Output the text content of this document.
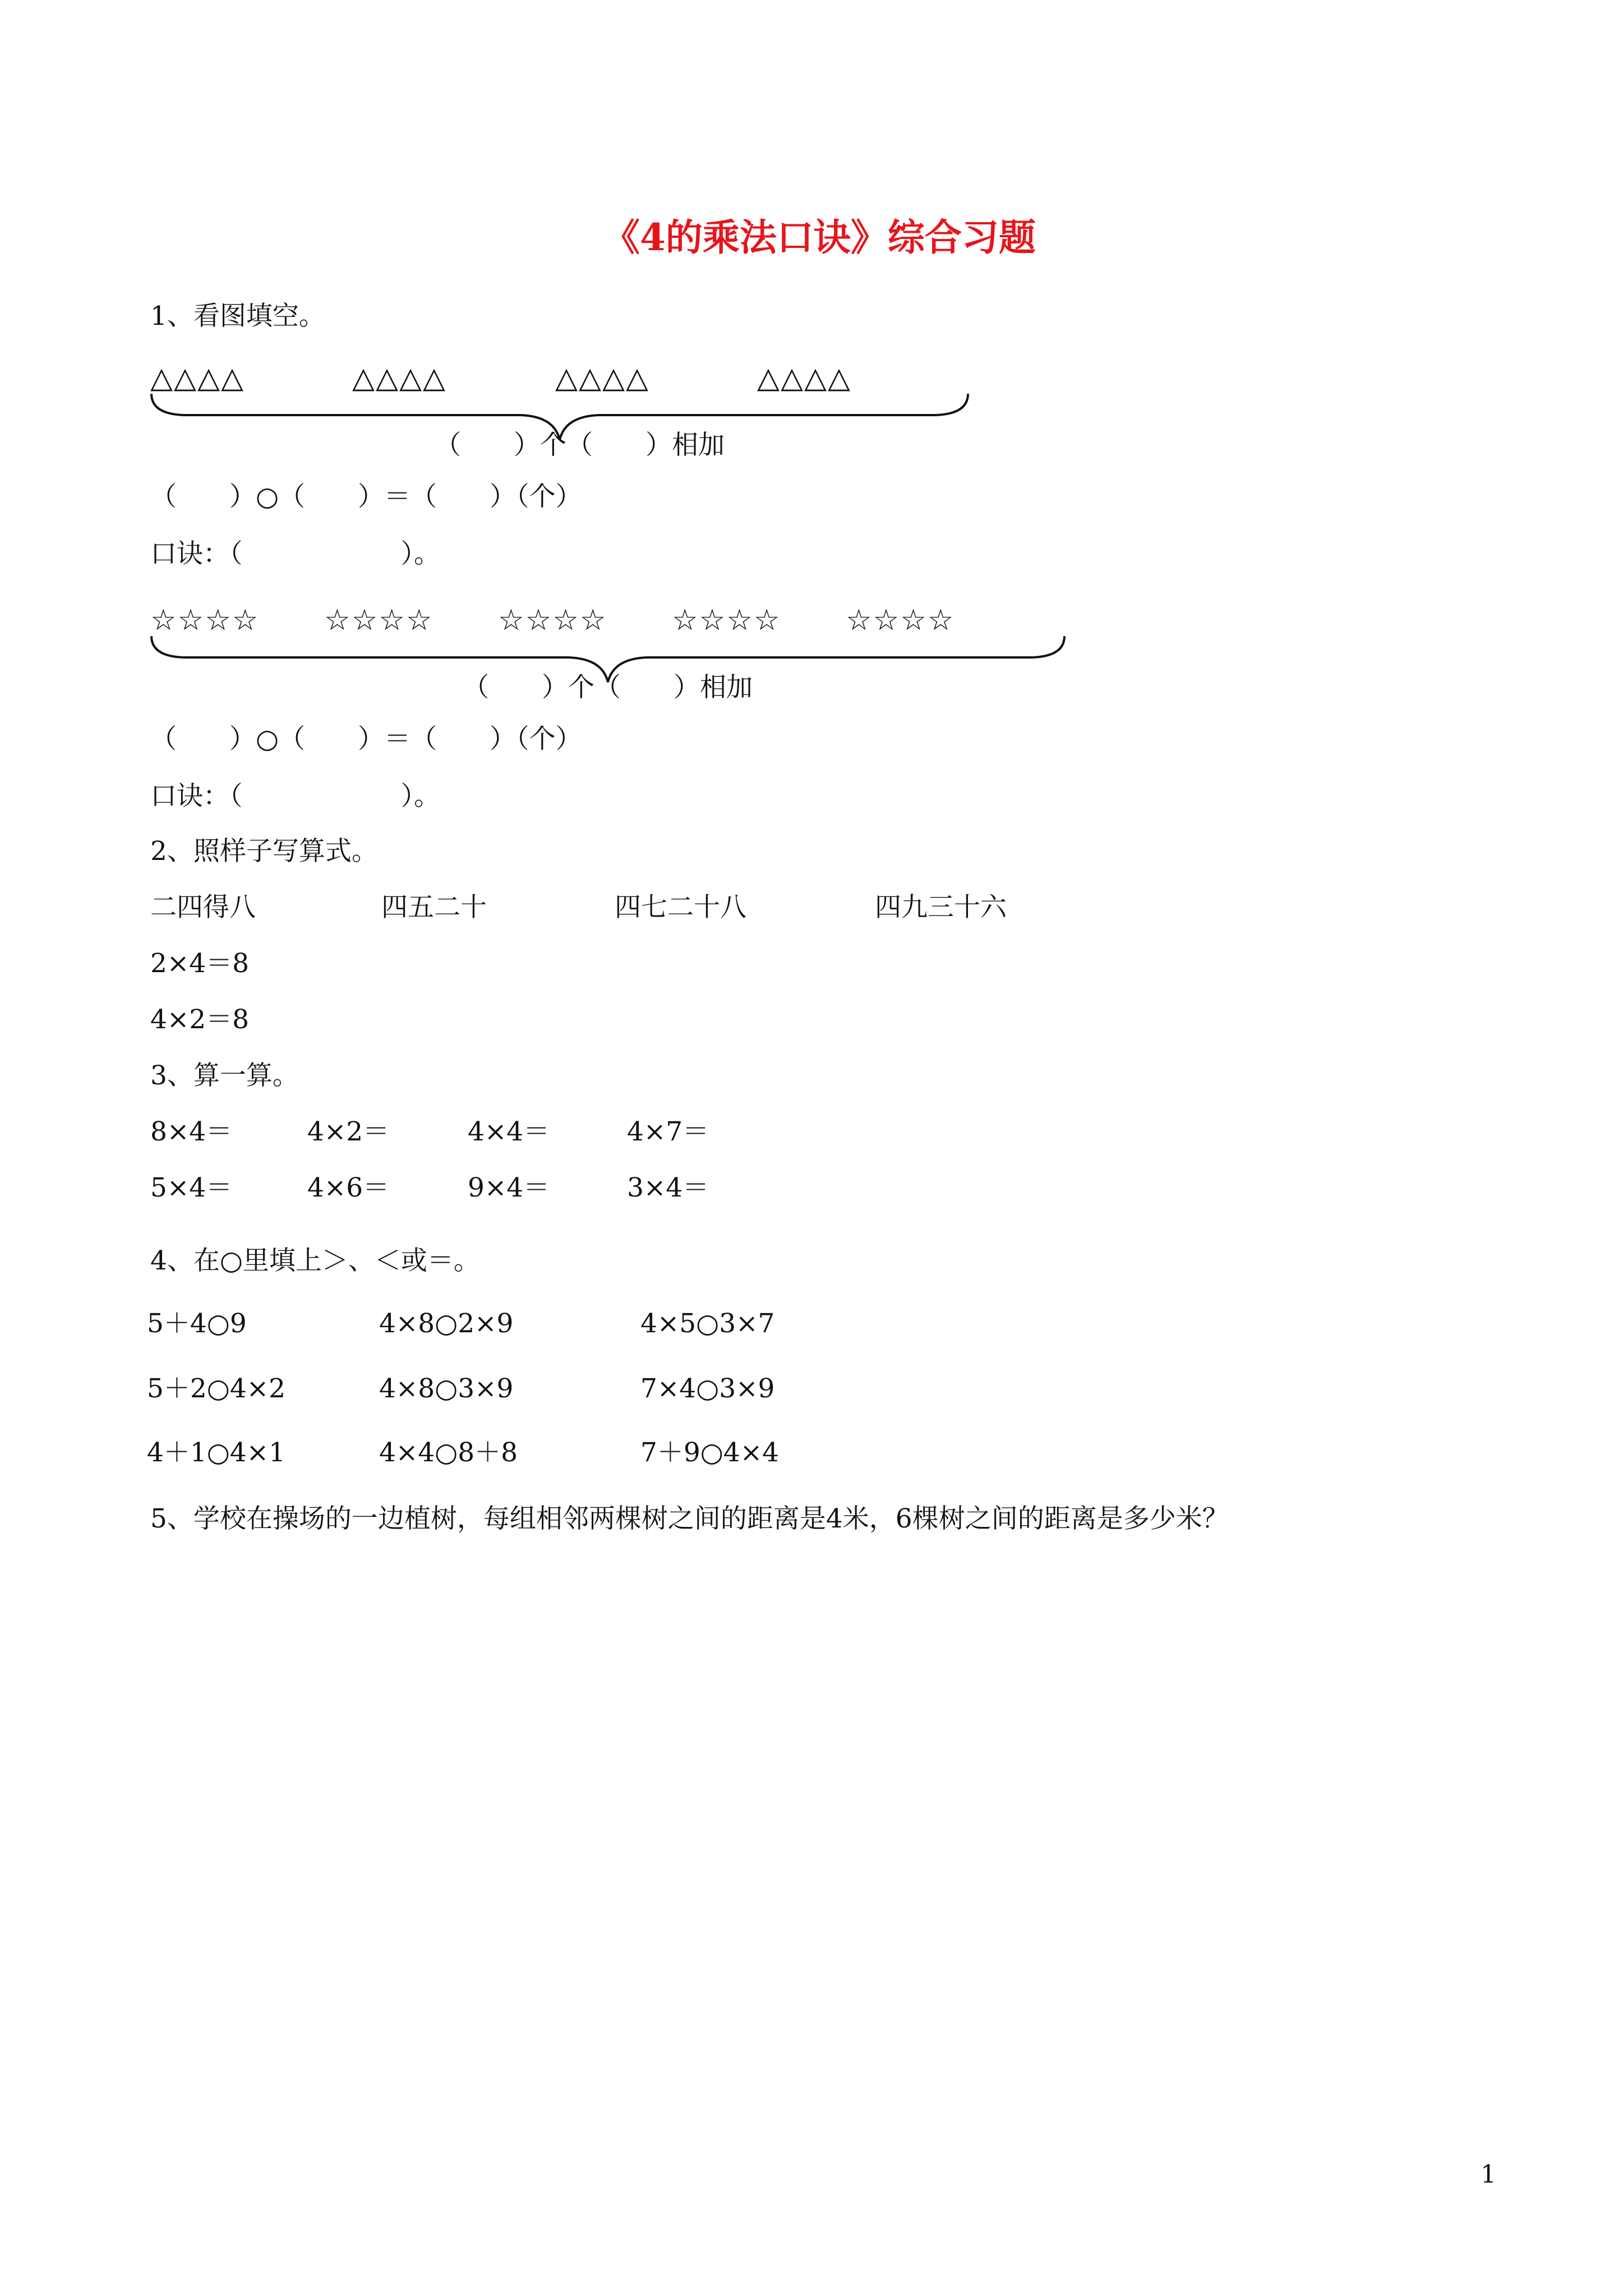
《4的乘法口诀》综合习题
1、看图填空。
△△△△	△△△△	△△△△	△△△△
（　　）个（　　）相加
（　　）○（　　）＝（　　）（个）
口诀：（　　　　　　）。
☆☆☆☆ ☆☆☆☆ ☆☆☆☆ ☆☆☆☆ ☆☆☆☆
（　　）个（　　）相加
（　　）○（　　）＝（　　）（个）
口诀：（　　　　　　）。
2、照样子写算式。
二四得八	四五二十	四七二十八	四九三十六
2×4＝8
4×2＝8
3、算一算。
8×4＝	4×2＝	4×4＝	4×7＝
5×4＝	4×6＝	9×4＝	3×4＝
4、在○里填上＞、＜或＝。
5＋4○9	4×8○2×9	4×5○3×7
5＋2○4×2	4×8○3×9	7×4○3×9
4＋1○4×1	4×4○8＋8	7＋9○4×4
5、学校在操场的一边植树，每组相邻两棵树之间的距离是4米，6棵树之间的距离是多少米？
1
